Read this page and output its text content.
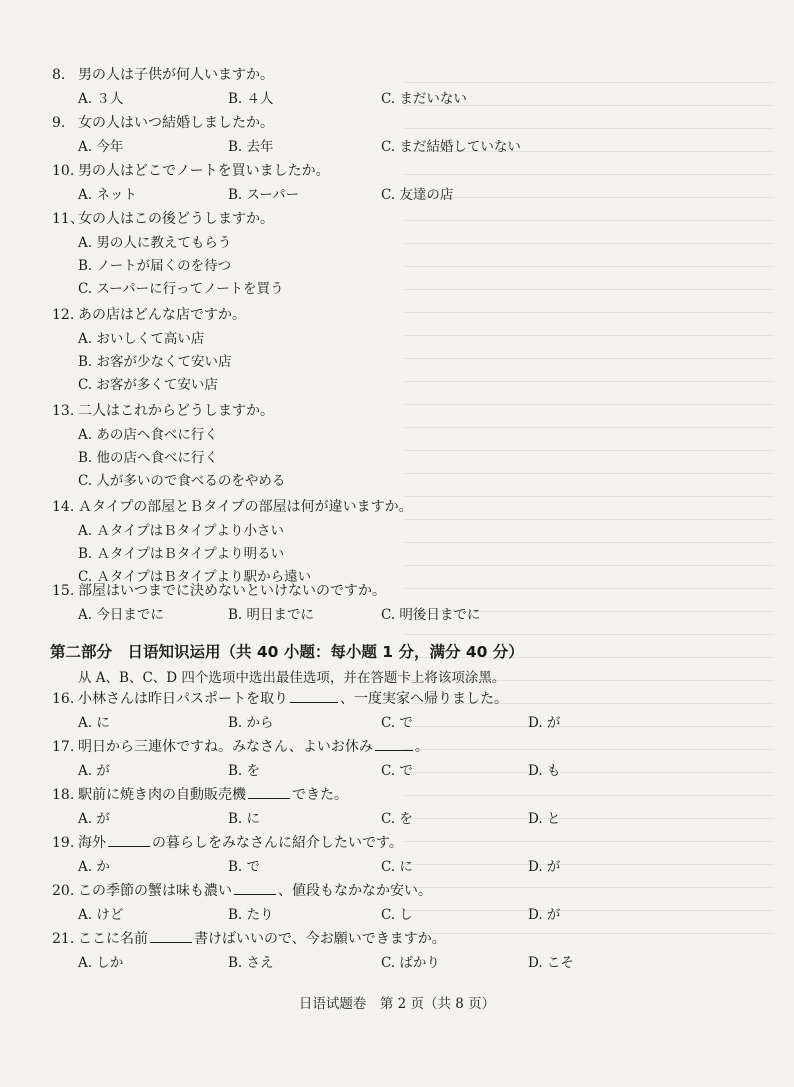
第二部分　日语知识运用（共 40 小题：每小题 1 分，满分 40 分）
从 A、B、C、D 四个选项中选出最佳选项，并在答题卡上将该项涂黑。
日语试题卷　第 2 页（共 8 页）
8. 男の人は子供が何人いますか。
A. ３人	B. ４人	C. まだいない
9. 女の人はいつ結婚しましたか。
A. 今年	B. 去年	C. まだ結婚していない
10. 男の人はどこでノートを買いましたか。
A. ネット	B. スーパー	C. 友達の店
11、女の人はこの後どうしますか。
A. 男の人に教えてもらう
B. ノートが届くのを待つ
C. スーパーに行ってノートを買う
12. あの店はどんな店ですか。
A. おいしくて高い店
B. お客が少なくて安い店
C. お客が多くて安い店
13. 二人はこれからどうしますか。
A. あの店へ食べに行く
B. 他の店へ食べに行く
C. 人が多いので食べるのをやめる
14. Ａタイプの部屋とＢタイプの部屋は何が違いますか。
A. ＡタイプはＢタイプより小さい
B. ＡタイプはＢタイプより明るい
C. ＡタイプはＢタイプより駅から遠い
15. 部屋はいつまでに決めないといけないのですか。
A. 今日までに	B. 明日までに	C. 明後日までに
16. 小林さんは昨日パスポートを取り	、一度実家へ帰りました。
A. に	B. から	C. で	D. が
17. 明日から三連休ですね。みなさん、よいお休み	。
A. が	B. を	C. で	D. も
18. 駅前に焼き肉の自動販売機	できた。
A. が	B. に	C. を	D. と
19. 海外	の暮らしをみなさんに紹介したいです。
A. か	B. で	C. に	D. が
20. この季節の蟹は味も濃い	、値段もなかなか安い。
A. けど	B. たり	C. し	D. が
21. ここに名前	書けばいいので、今お願いできますか。
A. しか	B. さえ	C. ばかり	D. こそ
